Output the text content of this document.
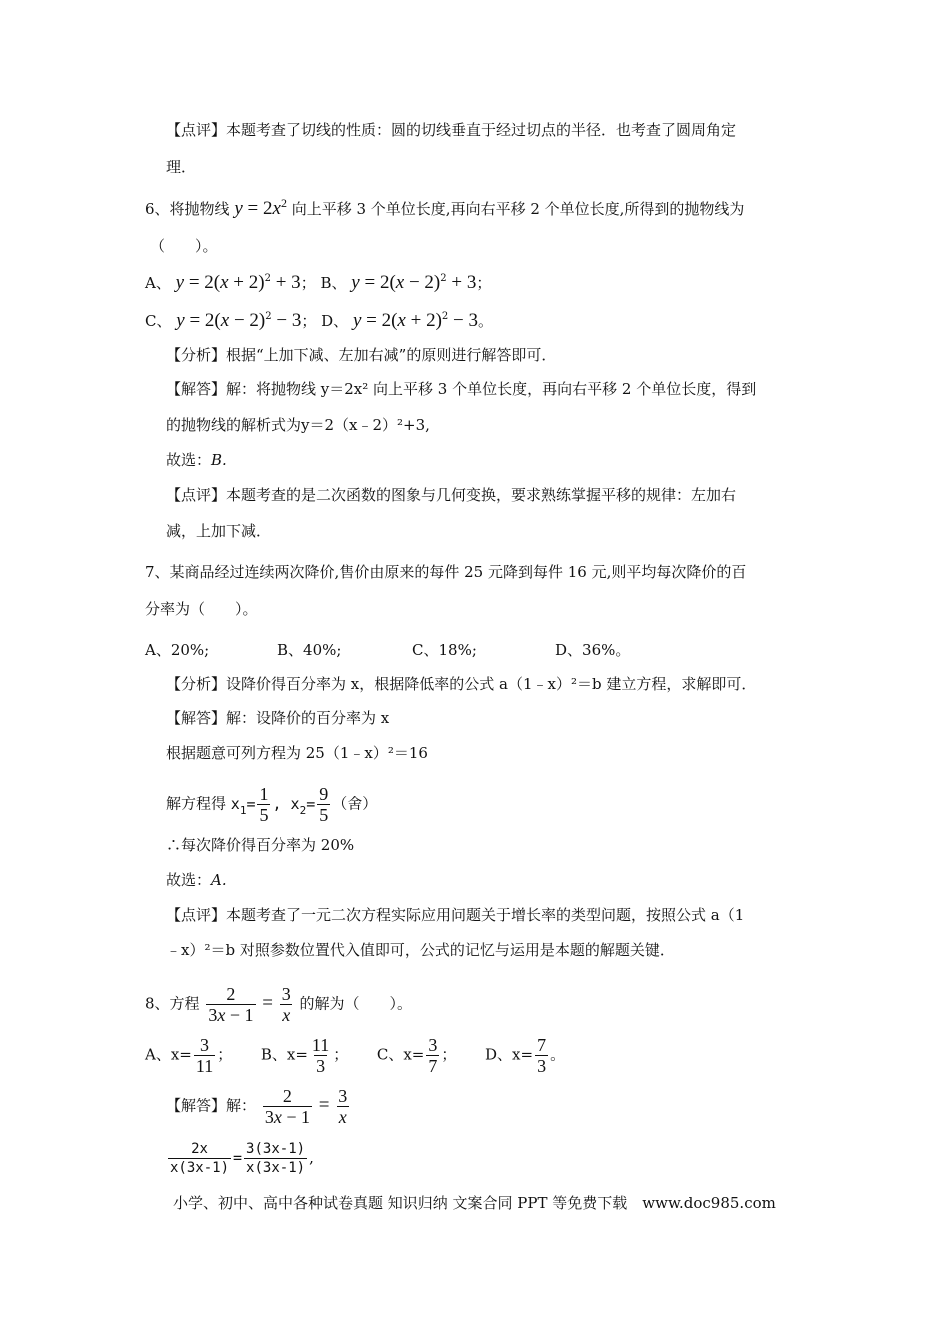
【点评】本题考查了切线的性质：圆的切线垂直于经过切点的半径．也考查了圆周角定
理．
6、将抛物线 $y = 2x^2$ 向上平移 3 个单位长度,再向右平移 2 个单位长度,所得到的抛物线为
（　　）。
A、 $y = 2(x + 2)^2 + 3$； B、 $y = 2(x - 2)^2 + 3$；
C、 $y = 2(x - 2)^2 - 3$； D、 $y = 2(x + 2)^2 - 3$。
【分析】根据“上加下减、左加右减”的原则进行解答即可．
【解答】解：将抛物线 y＝2x² 向上平移 3 个单位长度，再向右平移 2 个单位长度，得到
的抛物线的解析式为y＝2（x﹣2）²+3,
故选：B.
【点评】本题考查的是二次函数的图象与几何变换，要求熟练掌握平移的规律：左加右
减，上加下减．
7、某商品经过连续两次降价,售价由原来的每件 25 元降到每件 16 元,则平均每次降价的百
分率为（　　）。
A、20%;	B、40%;	C、18%;	D、36%。
【分析】设降价得百分率为 x，根据降低率的公式 a（1﹣x）²＝b 建立方程，求解即可．
【解答】解：设降价的百分率为 x
根据题意可列方程为 25（1﹣x）²＝16
解方程得 $x_1= \frac{1}{5}$ , $x_2= \frac{9}{5}$ （舍）
∴每次降价得百分率为 20%
故选：A.
【点评】本题考查了一元二次方程实际应用问题关于增长率的类型问题，按照公式 a（1
﹣x）²＝b 对照参数位置代入值即可，公式的记忆与运用是本题的解题关键．
8、方程 $\frac{2}{3x - 1} = \frac{3}{x}$ 的解为（　　）。
A、$x= \frac{3}{11}$ ； B、$x= \frac{11}{3}$ ； C、$x= \frac{3}{7}$ ； D、$x= \frac{7}{3}$ 。
【解答】解： $\frac{2}{3x - 1} = \frac{3}{x}$
$\frac{2x}{x(3x-1)} = \frac{3(3x-1)}{x(3x-1)}$ ,
小学、初中、高中各种试卷真题 知识归纳 文案合同 PPT 等免费下载　www.doc985.com
